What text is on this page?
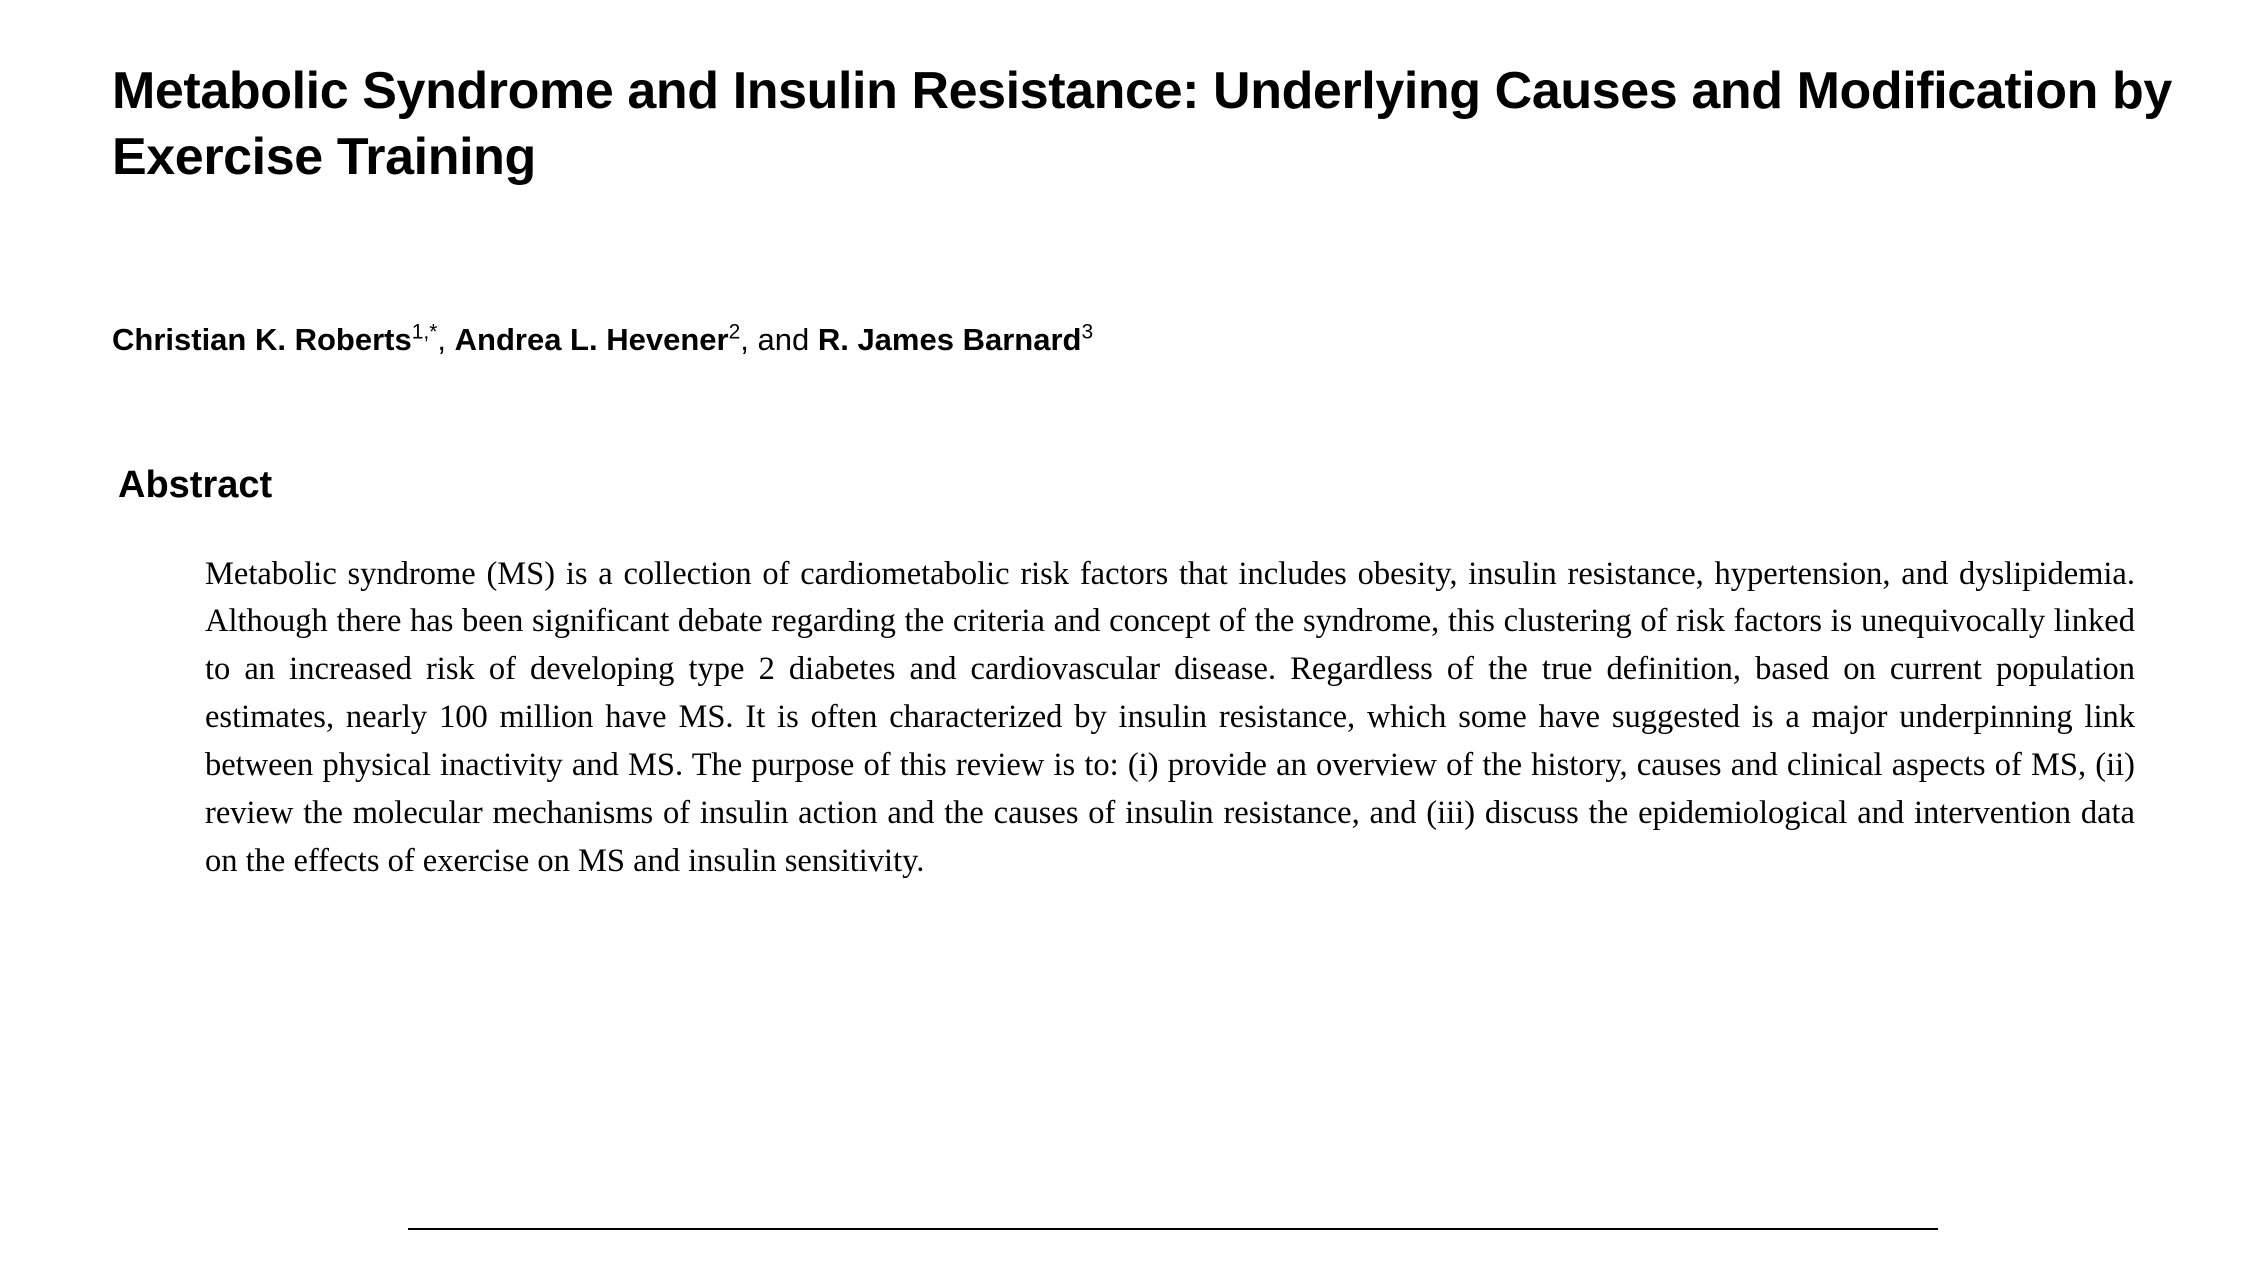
Metabolic Syndrome and Insulin Resistance: Underlying Causes and Modification by Exercise Training
Christian K. Roberts$^{1,*}$, Andrea L. Hevener$^2$, and R. James Barnard$^3$
Abstract

Metabolic syndrome (MS) is a collection of cardiometabolic risk factors that includes obesity, insulin resistance, hypertension, and dyslipidemia. Although there has been significant debate regarding the criteria and concept of the syndrome, this clustering of risk factors is unequivocally linked to an increased risk of developing type 2 diabetes and cardiovascular disease. Regardless of the true definition, based on current population estimates, nearly 100 million have MS. It is often characterized by insulin resistance, which some have suggested is a major underpinning link between physical inactivity and MS. The purpose of this review is to: (i) provide an overview of the history, causes and clinical aspects of MS, (ii) review the molecular mechanisms of insulin action and the causes of insulin resistance, and (iii) discuss the epidemiological and intervention data on the effects of exercise on MS and insulin sensitivity.
